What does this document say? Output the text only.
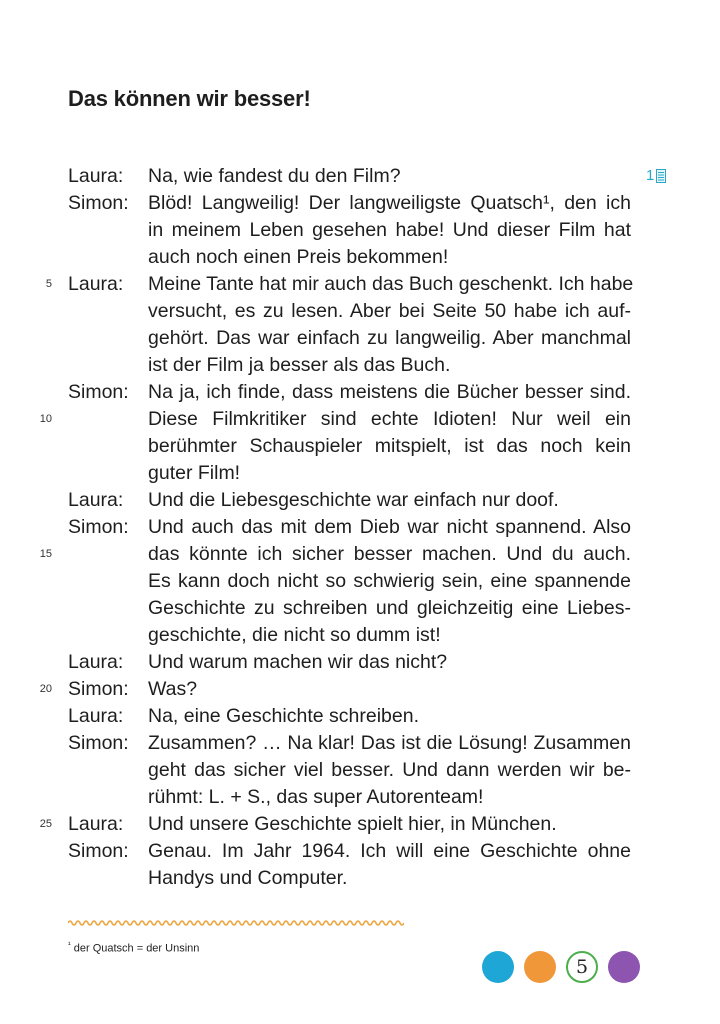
Das können wir besser!
1
Laura: Na, wie fandest du den Film?
Simon: Blöd! Langweilig! Der langweiligste Quatsch¹, den ich
in meinem Leben gesehen habe! Und dieser Film hat
auch noch einen Preis bekommen!
5 Laura: Meine Tante hat mir auch das Buch geschenkt. Ich habe
versucht, es zu lesen. Aber bei Seite 50 habe ich auf-
gehört. Das war einfach zu langweilig. Aber manchmal
ist der Film ja besser als das Buch.
Simon: Na ja, ich finde, dass meistens die Bücher besser sind.
10	Diese Filmkritiker sind echte Idioten! Nur weil ein
berühmter Schauspieler mitspielt, ist das noch kein
guter Film!
Laura: Und die Liebesgeschichte war einfach nur doof.
Simon: Und auch das mit dem Dieb war nicht spannend. Also
15	das könnte ich sicher besser machen. Und du auch.
Es kann doch nicht so schwierig sein, eine spannende
Geschichte zu schreiben und gleichzeitig eine Liebes-
geschichte, die nicht so dumm ist!
Laura: Und warum machen wir das nicht?
20 Simon: Was?
Laura: Na, eine Geschichte schreiben.
Simon: Zusammen? … Na klar! Das ist die Lösung! Zusammen
geht das sicher viel besser. Und dann werden wir be-
rühmt: L. + S., das super Autorenteam!
25 Laura: Und unsere Geschichte spielt hier, in München.
Simon: Genau. Im Jahr 1964. Ich will eine Geschichte ohne
Handys und Computer.
$^{^1}$ der Quatsch = der Unsinn
5
